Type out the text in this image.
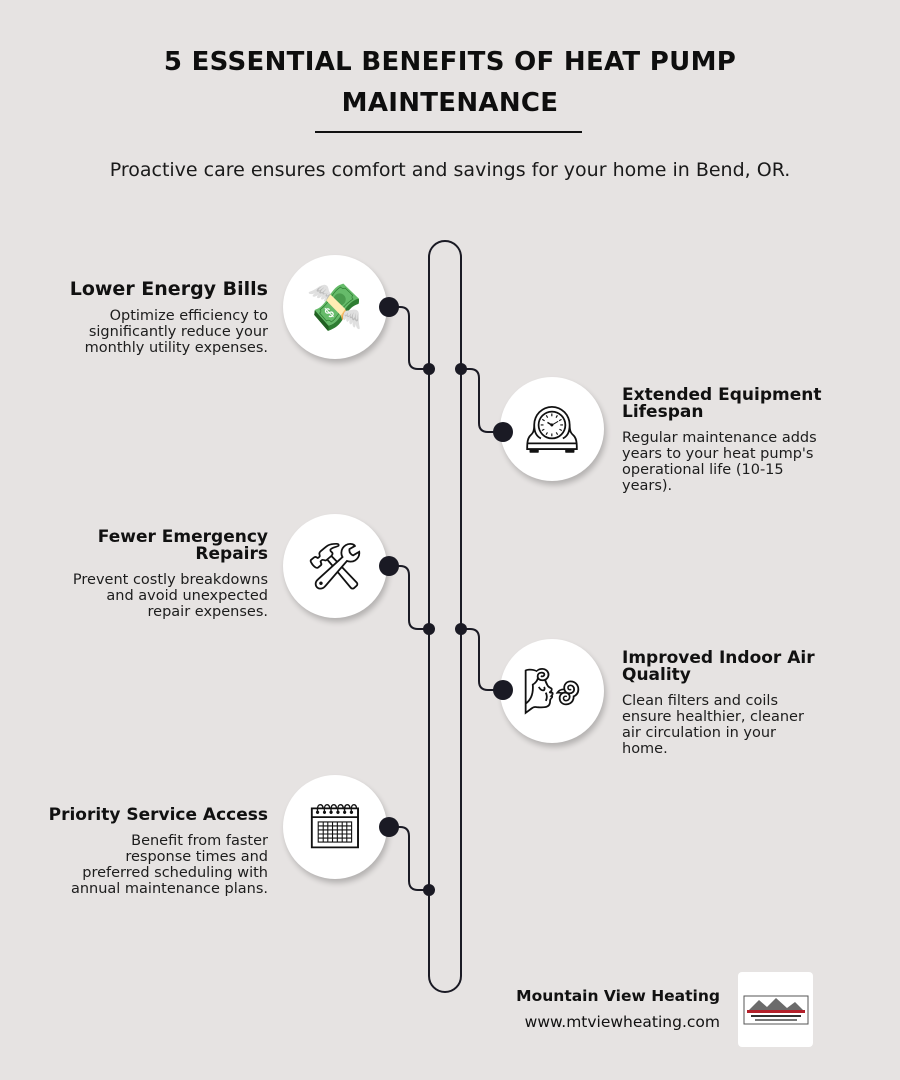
5 ESSENTIAL BENEFITS OF HEAT PUMP
MAINTENANCE
Proactive care ensures comfort and savings for your home in Bend, OR.
💸
🕰
🛠
🌬
🗓
Lower Energy Bills
Optimize efficiency to
significantly reduce your
monthly utility expenses.
Extended Equipment
Lifespan
Regular maintenance adds
years to your heat pump's
operational life (10-15
years).
Fewer Emergency
Repairs
Prevent costly breakdowns
and avoid unexpected
repair expenses.
Improved Indoor Air
Quality
Clean filters and coils
ensure healthier, cleaner
air circulation in your
home.
Priority Service Access
Benefit from faster
response times and
preferred scheduling with
annual maintenance plans.
Mountain View Heating
www.mtviewheating.com
